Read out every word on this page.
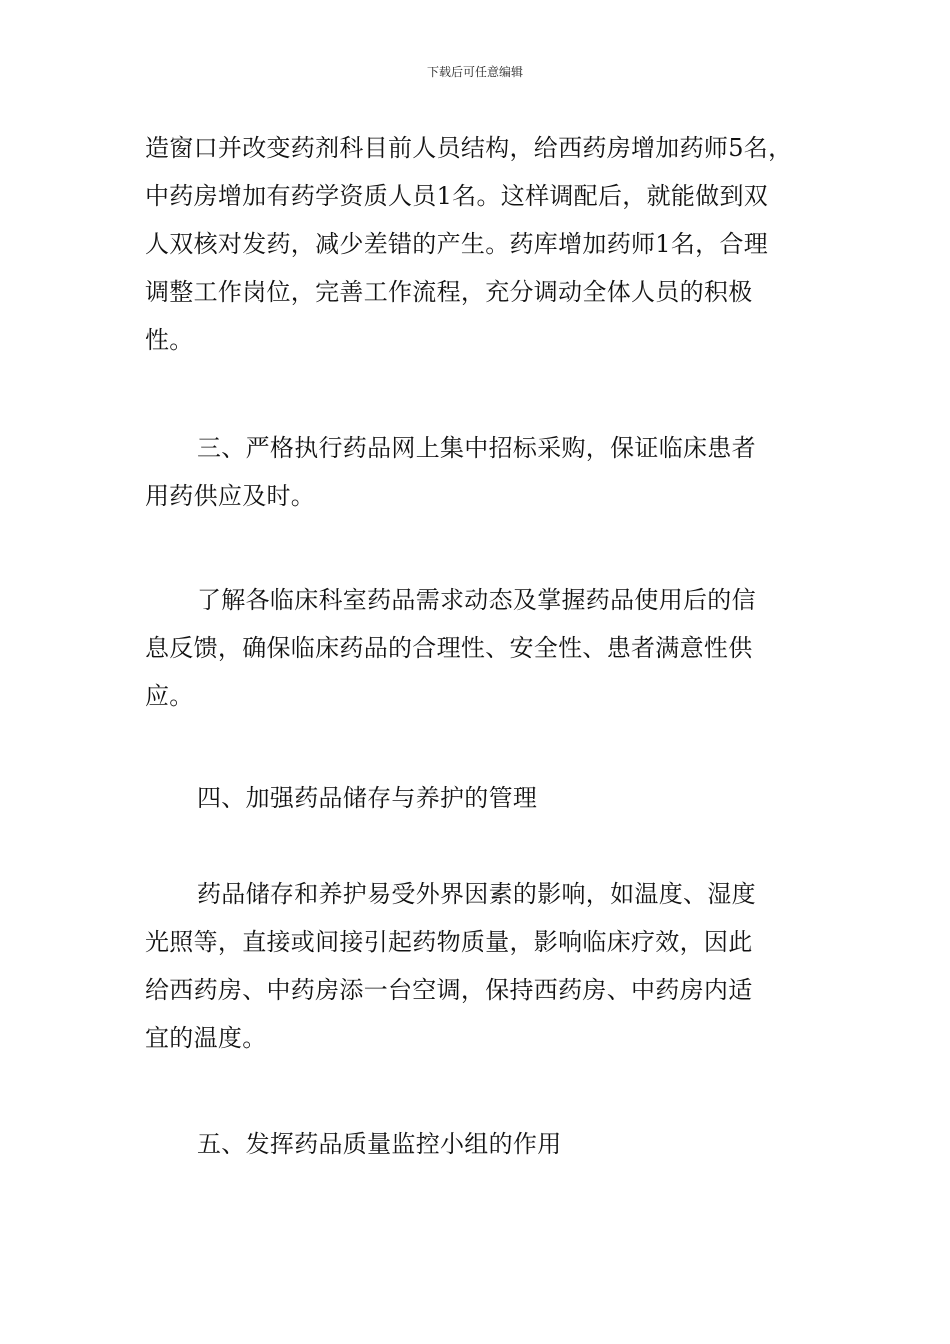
下载后可任意编辑
造窗口并改变药剂科目前人员结构，给西药房增加药师5名，
中药房增加有药学资质人员1名。这样调配后，就能做到双
人双核对发药，减少差错的产生。药库增加药师1名，合理
调整工作岗位，完善工作流程，充分调动全体人员的积极
性。
三、严格执行药品网上集中招标采购，保证临床患者
用药供应及时。
了解各临床科室药品需求动态及掌握药品使用后的信
息反馈，确保临床药品的合理性、安全性、患者满意性供
应。
四、加强药品储存与养护的管理
药品储存和养护易受外界因素的影响，如温度、湿度
光照等，直接或间接引起药物质量，影响临床疗效，因此
给西药房、中药房添一台空调，保持西药房、中药房内适
宜的温度。
五、发挥药品质量监控小组的作用
